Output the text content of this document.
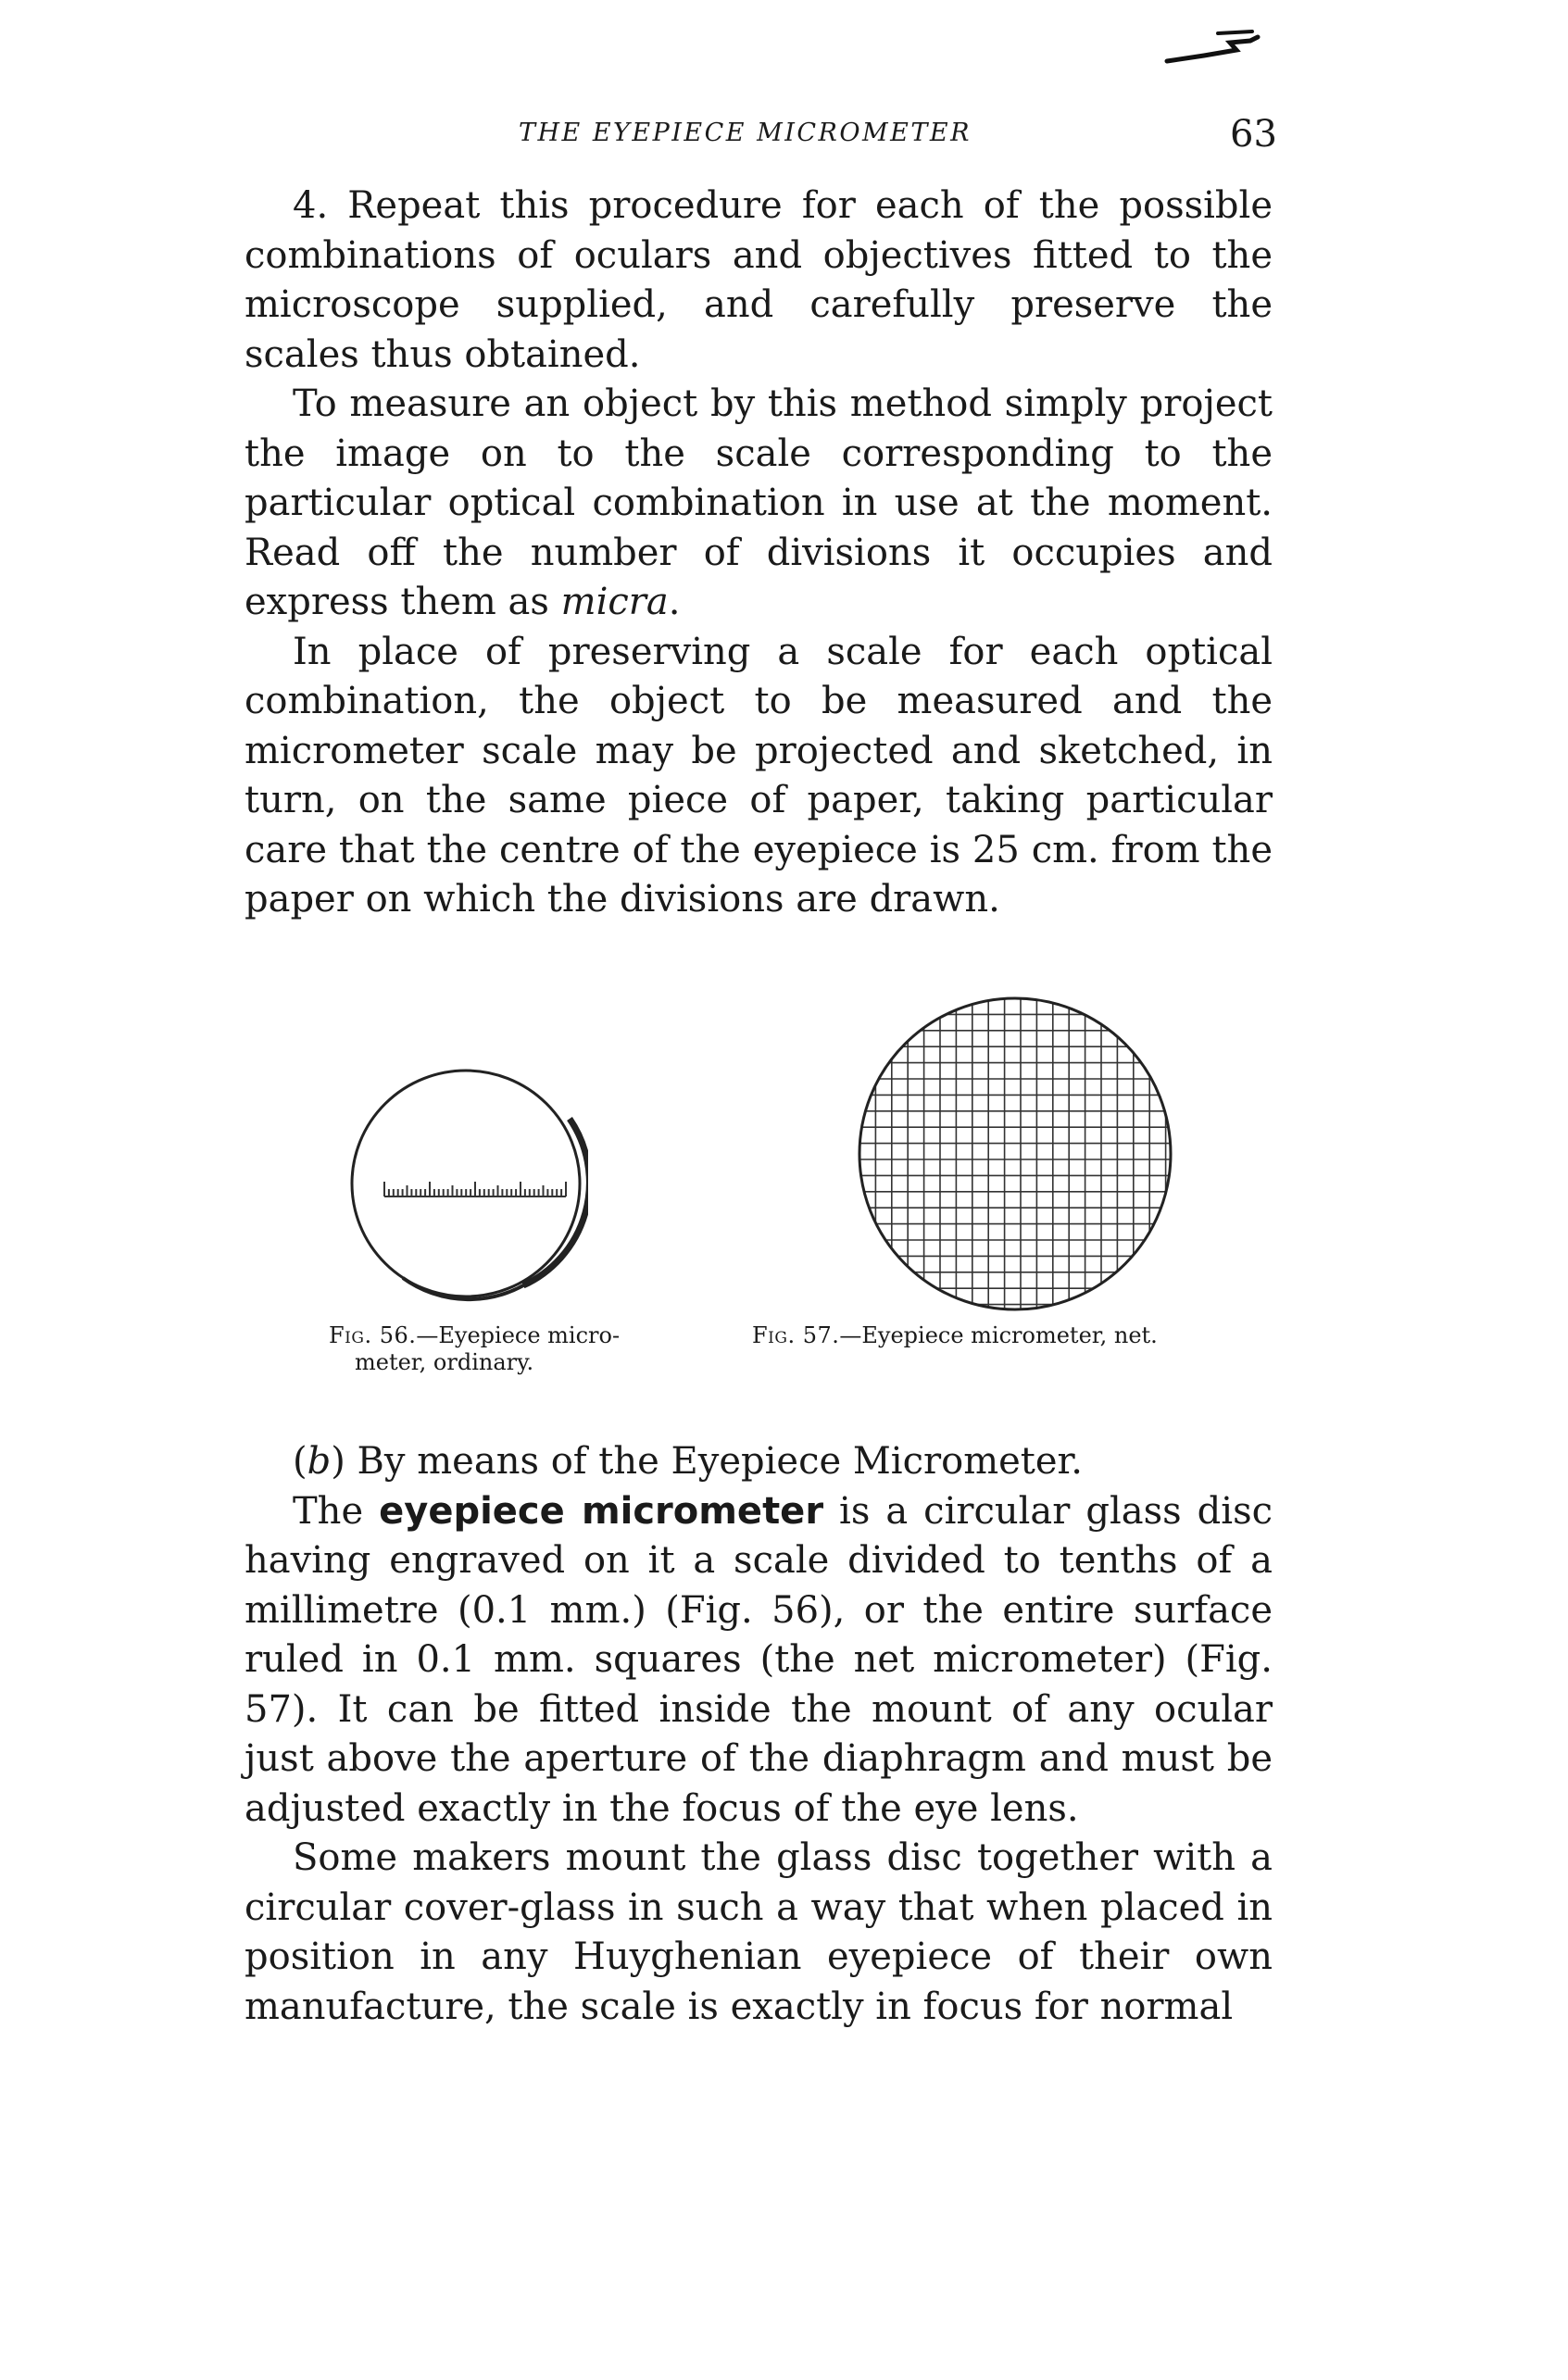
THE EYEPIECE MICROMETER	63

4. Repeat this procedure for each of the possible combinations of oculars and objectives fitted to the microscope supplied, and carefully preserve the scales thus obtained.

To measure an object by this method simply project the image on to the scale corresponding to the particular optical combination in use at the moment. Read off the number of divisions it occupies and express them as micra.

In place of preserving a scale for each optical combination, the object to be measured and the micrometer scale may be projected and sketched, in turn, on the same piece of paper, taking particular care that the centre of the eyepiece is 25 cm. from the paper on which the divisions are drawn.

Fig. 56.—Eyepiece micro-
meter, ordinary.
Fig. 57.—Eyepiece micrometer, net.

(b) By means of the Eyepiece Micrometer.

The eyepiece micrometer is a circular glass disc having engraved on it a scale divided to tenths of a millimetre (0.1 mm.) (Fig. 56), or the entire surface ruled in 0.1 mm. squares (the net micrometer) (Fig. 57). It can be fitted inside the mount of any ocular just above the aperture of the diaphragm and must be adjusted exactly in the focus of the eye lens.

Some makers mount the glass disc together with a circular cover-glass in such a way that when placed in position in any Huyghenian eyepiece of their own manufacture, the scale is exactly in focus for normal
